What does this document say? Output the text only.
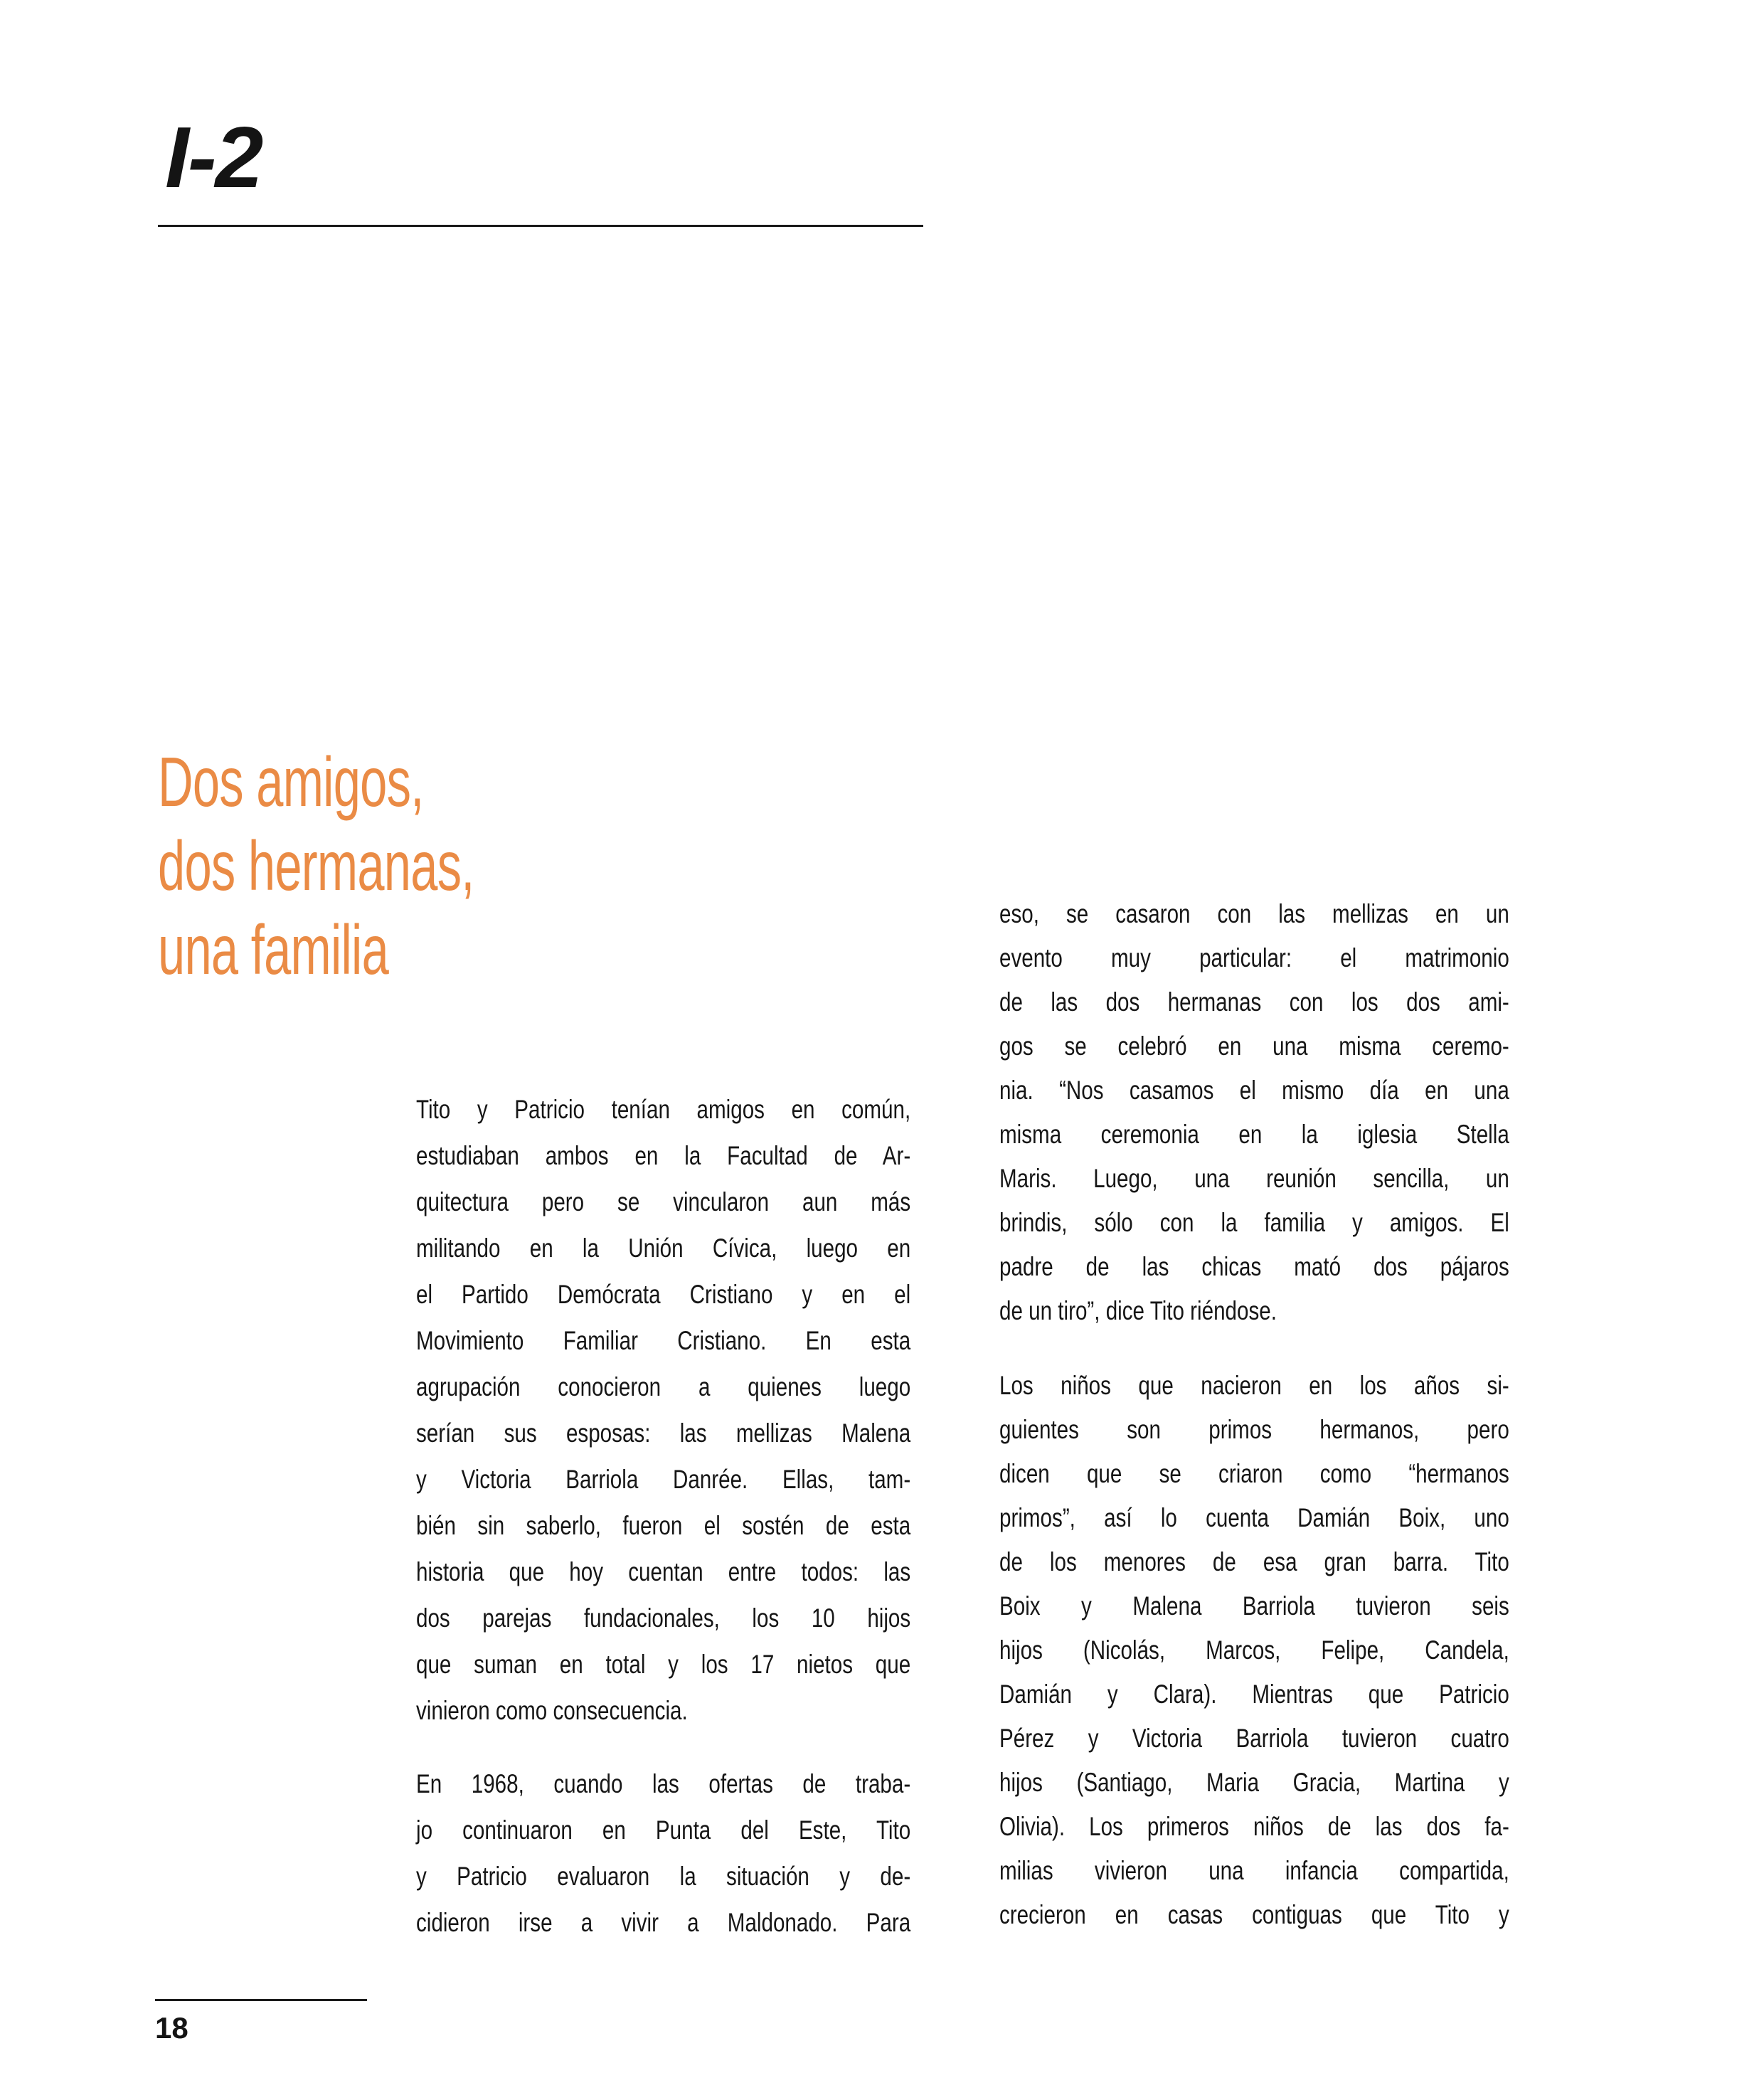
I-2
Dos amigos,
dos hermanas,
una familia
Tito y Patricio tenían amigos en común,
estudiaban ambos en la Facultad de Ar-
quitectura pero se vincularon aun más
militando en la Unión Cívica, luego en
el Partido Demócrata Cristiano y en el
Movimiento Familiar Cristiano. En esta
agrupación conocieron a quienes luego
serían sus esposas: las mellizas Malena
y Victoria Barriola Danrée. Ellas, tam-
bién sin saberlo, fueron el sostén de esta
historia que hoy cuentan entre todos: las
dos parejas fundacionales, los 10 hijos
que suman en total y los 17 nietos que
vinieron como consecuencia.
En 1968, cuando las ofertas de traba-
jo continuaron en Punta del Este, Tito
y Patricio evaluaron la situación y de-
cidieron irse a vivir a Maldonado. Para
eso, se casaron con las mellizas en un
evento muy particular: el matrimonio
de las dos hermanas con los dos ami-
gos se celebró en una misma ceremo-
nia. “Nos casamos el mismo día en una
misma ceremonia en la iglesia Stella
Maris. Luego, una reunión sencilla, un
brindis, sólo con la familia y amigos. El
padre de las chicas mató dos pájaros
de un tiro”, dice Tito riéndose.
Los niños que nacieron en los años si-
guientes son primos hermanos, pero
dicen que se criaron como “hermanos
primos”, así lo cuenta Damián Boix, uno
de los menores de esa gran barra. Tito
Boix y Malena Barriola tuvieron seis
hijos (Nicolás, Marcos, Felipe, Candela,
Damián y Clara). Mientras que Patricio
Pérez y Victoria Barriola tuvieron cuatro
hijos (Santiago, Maria Gracia, Martina y
Olivia). Los primeros niños de las dos fa-
milias vivieron una infancia compartida,
crecieron en casas contiguas que Tito y
18
